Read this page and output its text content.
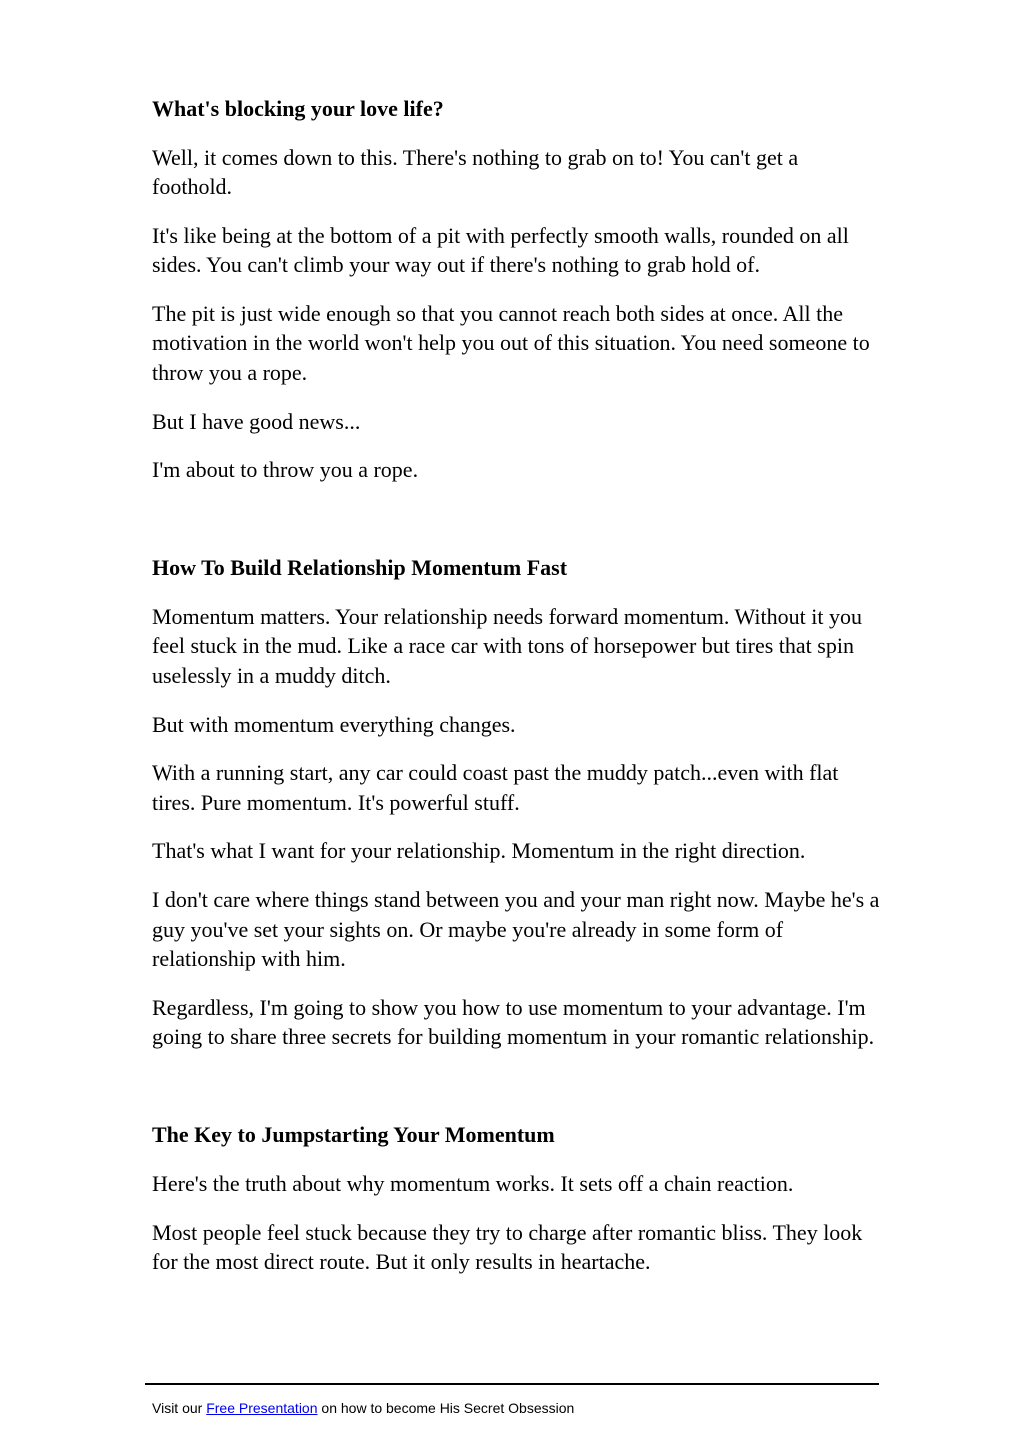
What's blocking your love life?

Well, it comes down to this. There's nothing to grab on to! You can't get a foothold.

It's like being at the bottom of a pit with perfectly smooth walls, rounded on all sides. You can't climb your way out if there's nothing to grab hold of.

The pit is just wide enough so that you cannot reach both sides at once. All the motivation in the world won't help you out of this situation. You need someone to throw you a rope.

But I have good news...

I'm about to throw you a rope.

How To Build Relationship Momentum Fast

Momentum matters. Your relationship needs forward momentum. Without it you feel stuck in the mud. Like a race car with tons of horsepower but tires that spin uselessly in a muddy ditch.

But with momentum everything changes.

With a running start, any car could coast past the muddy patch...even with flat tires. Pure momentum. It's powerful stuff.

That's what I want for your relationship. Momentum in the right direction.

I don't care where things stand between you and your man right now. Maybe he's a guy you've set your sights on. Or maybe you're already in some form of relationship with him.

Regardless, I'm going to show you how to use momentum to your advantage. I'm going to share three secrets for building momentum in your romantic relationship.

The Key to Jumpstarting Your Momentum

Here's the truth about why momentum works. It sets off a chain reaction.

Most people feel stuck because they try to charge after romantic bliss. They look for the most direct route. But it only results in heartache.

Visit our Free Presentation on how to become His Secret Obsession
